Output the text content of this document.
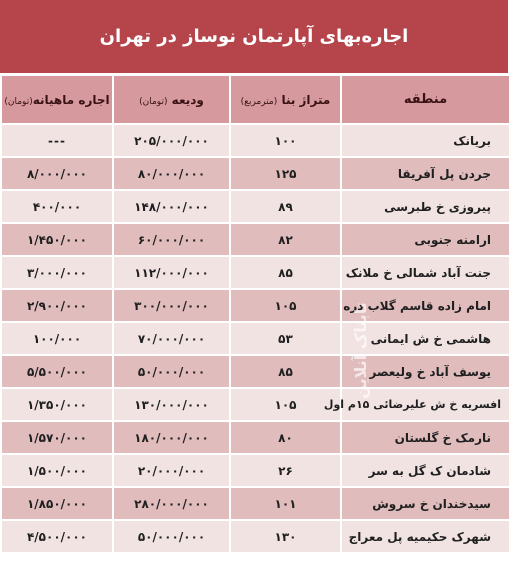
اجاره‌بهای آپارتمان نوساز در تهران
منطقه	متراژ بنا (مترمربع)	ودیعه (تومان)	اجاره ماهیانه(تومان)
بریانک	۱۰۰	۲۰۵/۰۰۰/۰۰۰	---
جردن پل آفریقا	۱۲۵	۸۰/۰۰۰/۰۰۰	۸/۰۰۰/۰۰۰
پیروزی خ طبرسی	۸۹	۱۴۸/۰۰۰/۰۰۰	۴۰۰/۰۰۰
ارامنه جنوبی	۸۲	۶۰/۰۰۰/۰۰۰	۱/۴۵۰/۰۰۰
جنت آباد شمالی خ ملانک	۸۵	۱۱۲/۰۰۰/۰۰۰	۳/۰۰۰/۰۰۰
امام زاده قاسم گلاب دره	۱۰۵	۳۰۰/۰۰۰/۰۰۰	۲/۹۰۰/۰۰۰
هاشمی خ ش ایمانی	۵۳	۷۰/۰۰۰/۰۰۰	۱۰۰/۰۰۰
یوسف آباد خ ولیعصر	۸۵	۵۰/۰۰۰/۰۰۰	۵/۵۰۰/۰۰۰
افسریه خ ش علیرضائی ۱۵م اول	۱۰۵	۱۳۰/۰۰۰/۰۰۰	۱/۳۵۰/۰۰۰
نارمک خ گلستان	۸۰	۱۸۰/۰۰۰/۰۰۰	۱/۵۷۰/۰۰۰
شادمان ک گل به سر	۲۶	۲۰/۰۰۰/۰۰۰	۱/۵۰۰/۰۰۰
سیدخندان خ سروش	۱۰۱	۲۸۰/۰۰۰/۰۰۰	۱/۸۵۰/۰۰۰
شهرک حکیمیه پل معراج	۱۳۰	۵۰/۰۰۰/۰۰۰	۴/۵۰۰/۰۰۰
تابناک آنلاین
